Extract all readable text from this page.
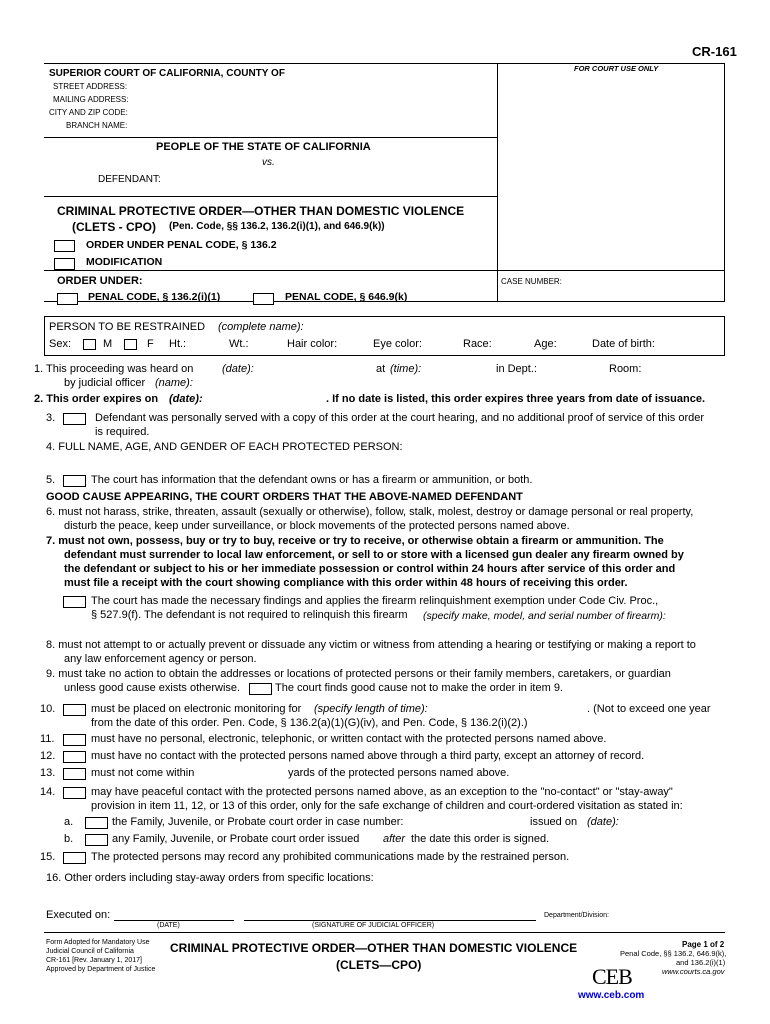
CR-161
SUPERIOR COURT OF CALIFORNIA, COUNTY OF	FOR COURT USE ONLY
STREET ADDRESS:
MAILING ADDRESS:
CITY AND ZIP CODE:
BRANCH NAME:
PEOPLE OF THE STATE OF CALIFORNIA
vs.
DEFENDANT:
CRIMINAL PROTECTIVE ORDER—OTHER THAN DOMESTIC VIOLENCE
(CLETS - CPO) (Pen. Code, §§ 136.2, 136.2(i)(1), and 646.9(k))
ORDER UNDER PENAL CODE, § 136.2
MODIFICATION
ORDER UNDER:
PENAL CODE, § 136.2(i)(1)	PENAL CODE, § 646.9(k)
CASE NUMBER:
PERSON TO BE RESTRAINED (complete name):
Sex:	M	F Ht.:	Wt.:	Hair color:	Eye color:	Race:	Age:	Date of birth:
1. This proceeding was heard on	(date):	at (time):	in Dept.:	Room:
by judicial officer (name):
2. This order expires on (date):	. If no date is listed, this order expires three years from date of issuance.
3.	Defendant was personally served with a copy of this order at the court hearing, and no additional proof of service of this order
is required.
4. FULL NAME, AGE, AND GENDER OF EACH PROTECTED PERSON:
5.	The court has information that the defendant owns or has a firearm or ammunition, or both.
GOOD CAUSE APPEARING, THE COURT ORDERS THAT THE ABOVE-NAMED DEFENDANT
6. must not harass, strike, threaten, assault (sexually or otherwise), follow, stalk, molest, destroy or damage personal or real property,
disturb the peace, keep under surveillance, or block movements of the protected persons named above.
7. must not own, possess, buy or try to buy, receive or try to receive, or otherwise obtain a firearm or ammunition. The
defendant must surrender to local law enforcement, or sell to or store with a licensed gun dealer any firearm owned by
the defendant or subject to his or her immediate possession or control within 24 hours after service of this order and
must file a receipt with the court showing compliance with this order within 48 hours of receiving this order.
The court has made the necessary findings and applies the firearm relinquishment exemption under Code Civ. Proc.,
§ 527.9(f). The defendant is not required to relinquish this firearm (specify make, model, and serial number of firearm):
8. must not attempt to or actually prevent or dissuade any victim or witness from attending a hearing or testifying or making a report to
any law enforcement agency or person.
9. must take no action to obtain the addresses or locations of protected persons or their family members, caretakers, or guardian
unless good cause exists otherwise.	The court finds good cause not to make the order in item 9.
10.	must be placed on electronic monitoring for (specify length of time):	. (Not to exceed one year
from the date of this order. Pen. Code, § 136.2(a)(1)(G)(iv), and Pen. Code, § 136.2(i)(2).)
11.	must have no personal, electronic, telephonic, or written contact with the protected persons named above.
12.	must have no contact with the protected persons named above through a third party, except an attorney of record.
13.	must not come within	yards of the protected persons named above.
14.	may have peaceful contact with the protected persons named above, as an exception to the "no-contact" or "stay-away"
provision in item 11, 12, or 13 of this order, only for the safe exchange of children and court-ordered visitation as stated in:
a.	the Family, Juvenile, or Probate court order in case number:	issued on (date):
b.	any Family, Juvenile, or Probate court order issued after the date this order is signed.
15.	The protected persons may record any prohibited communications made by the restrained person.
16. Other orders including stay-away orders from specific locations:
Executed on:
(DATE)	(SIGNATURE OF JUDICIAL OFFICER)
Department/Division:
Form Adopted for Mandatory Use
Judicial Council of California
CR-161 [Rev. January 1, 2017]
Approved by Department of Justice
CRIMINAL PROTECTIVE ORDER—OTHER THAN DOMESTIC VIOLENCE
(CLETS—CPO)
Page 1 of 2
Penal Code, §§ 136.2, 646.9(k),
and 136.2(i)(1)
www.courts.ca.gov
CEB
www.ceb.com
